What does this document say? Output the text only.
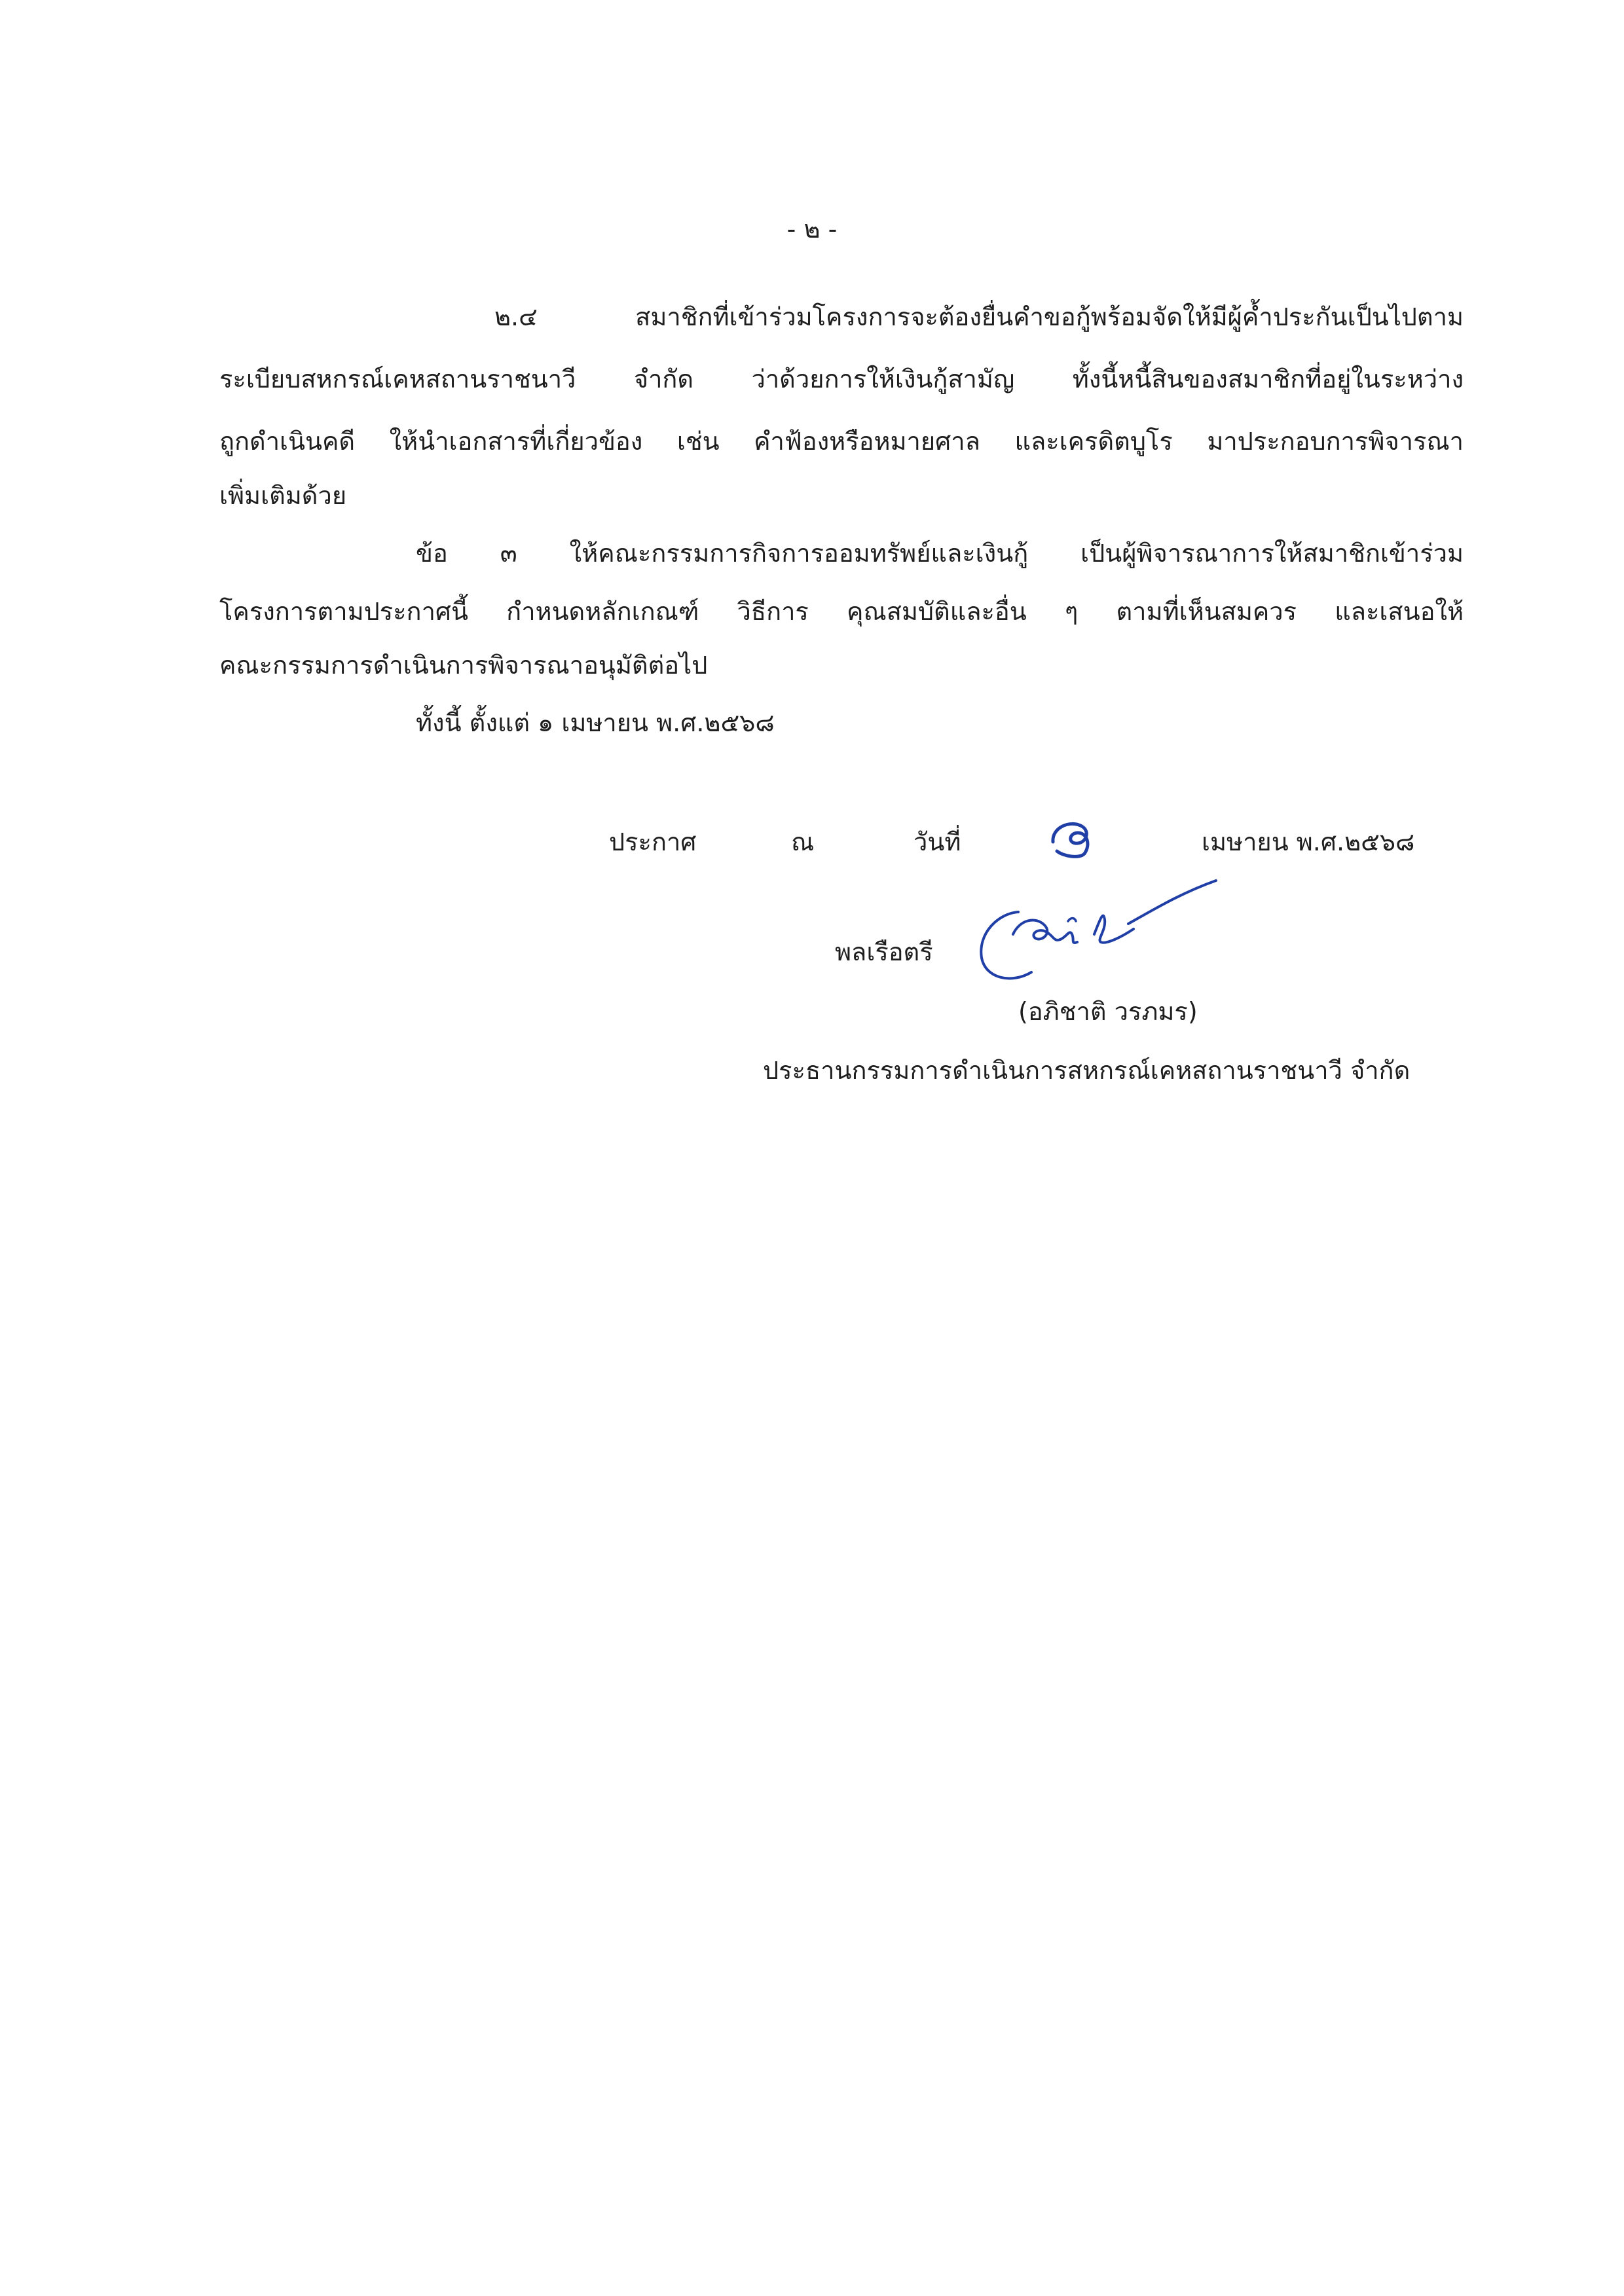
- ๒ -
๒.๔ สมาชิกที่เข้าร่วมโครงการจะต้องยื่นคำขอกู้พร้อมจัดให้มีผู้ค้ำประกันเป็นไปตาม
ระเบียบสหกรณ์เคหสถานราชนาวี จำกัด ว่าด้วยการให้เงินกู้สามัญ ทั้งนี้หนี้สินของสมาชิกที่อยู่ในระหว่าง
ถูกดำเนินคดี ให้นำเอกสารที่เกี่ยวข้อง เช่น คำฟ้องหรือหมายศาล และเครดิตบูโร มาประกอบการพิจารณา
เพิ่มเติมด้วย
ข้อ ๓ ให้คณะกรรมการกิจการออมทรัพย์และเงินกู้ เป็นผู้พิจารณาการให้สมาชิกเข้าร่วม
โครงการตามประกาศนี้ กำหนดหลักเกณฑ์ วิธีการ คุณสมบัติและอื่น ๆ ตามที่เห็นสมควร และเสนอให้
คณะกรรมการดำเนินการพิจารณาอนุมัติต่อไป
ทั้งนี้ ตั้งแต่ ๑ เมษายน พ.ศ.๒๕๖๘
ประกาศ	ณ	วันที่	เมษายน พ.ศ.๒๕๖๘
พลเรือตรี
(อภิชาติ วรภมร)
ประธานกรรมการดำเนินการสหกรณ์เคหสถานราชนาวี จำกัด
